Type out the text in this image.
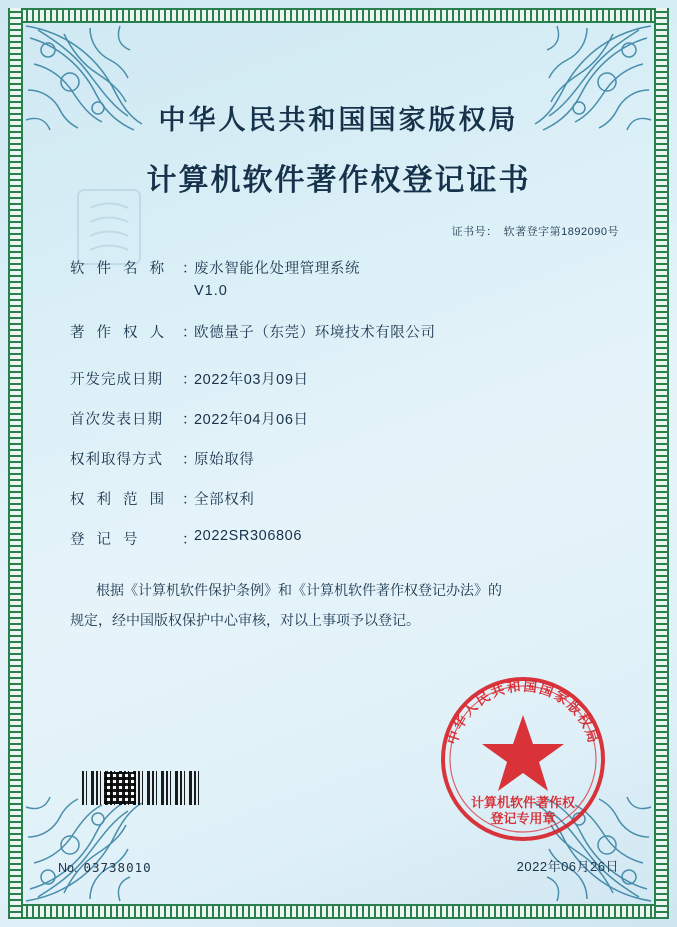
中华人民共和国国家版权局
计算机软件著作权登记证书
证书号： 软著登字第1892090号
软 件 名 称 ：
废水智能化处理管理系统
V1.0
著 作 权 人 ：
欧德量子（东莞）环境技术有限公司
开发完成日期	：
2022年03月09日
首次发表日期	：
2022年04月06日
权利取得方式	：
原始取得
权 利 范 围 ：
全部权利
登 记 号	：
2022SR306806

根据《计算机软件保护条例》和《计算机软件著作权登记办法》的

规定，经中国版权保护中心审核，对以上事项予以登记。

中华人民共和国国家版权局
计算机软件著作权
登记专用章
No. 03738010	2022年06月26日
